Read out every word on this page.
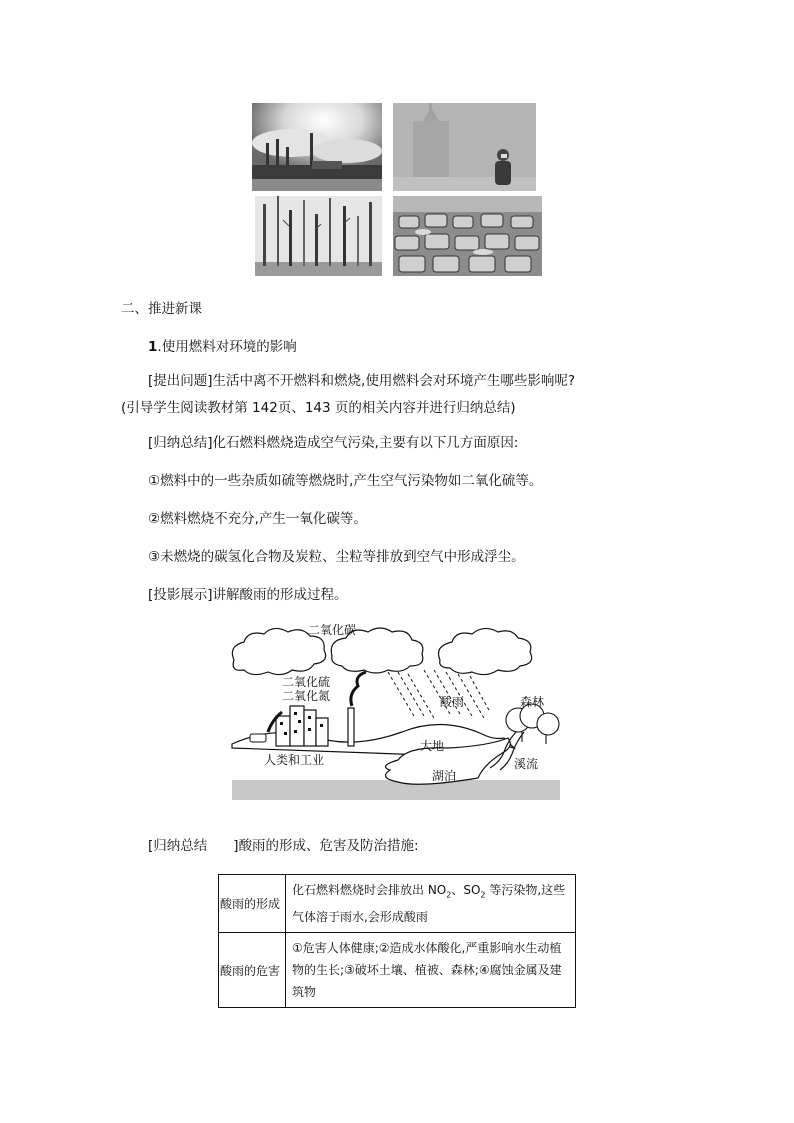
二、推进新课
1.使用燃料对环境的影响

[提出问题]生活中离不开燃料和燃烧,使用燃料会对环境产生哪些影响呢?(引导学生阅读教材第 142页、143 页的相关内容并进行归纳总结)

[归纳总结]化石燃料燃烧造成空气污染,主要有以下几方面原因:

①燃料中的一些杂质如硫等燃烧时,产生空气污染物如二氧化硫等。

②燃料燃烧不充分,产生一氧化碳等。

③未燃烧的碳氢化合物及炭粒、尘粒等排放到空气中形成浮尘。

[投影展示]讲解酸雨的形成过程。

二氧化碳
二氧化硫
二氧化氮	酸雨	森林
人类和工业
大地
溪流
湖泊

[归纳总结 ]酸雨的形成、危害及防治措施:

酸雨的形成	化石燃料燃烧时会排放出 $NO_2$、$SO_2$ 等污染物,这些气体溶于雨水,会形成酸雨
酸雨的危害	①危害人体健康;②造成水体酸化,严重影响水生动植物的生长;③破坏土壤、植被、森林;④腐蚀金属及建筑物
